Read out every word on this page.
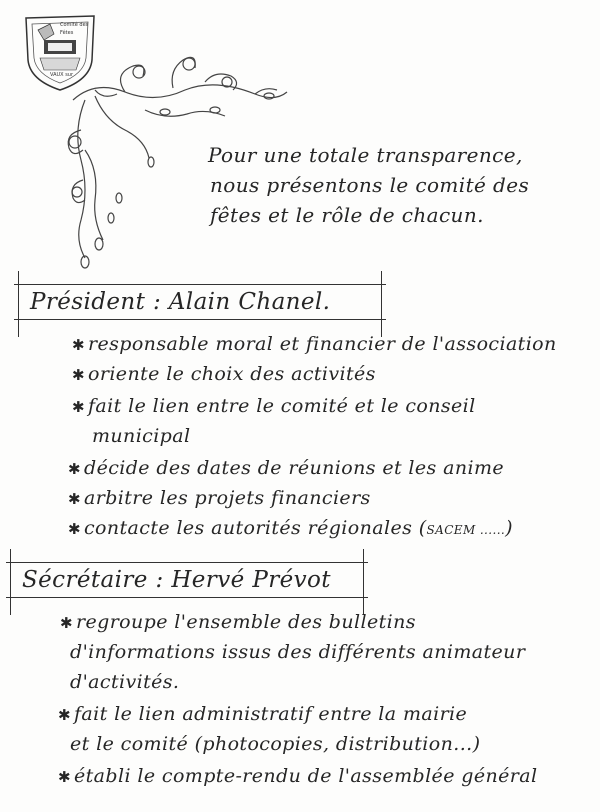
Comité des
Fêtes
VAUX sur
Pour une totale transparence,
nous présentons le comité des
fêtes et le rôle de chacun.
Président : Alain Chanel.
✱ responsable moral et financier de l'association
✱ oriente le choix des activités
✱ fait le lien entre le comité et le conseil
municipal
✱ décide des dates de réunions et les anime
✱ arbitre les projets financiers
✱ contacte les autorités régionales (SACEM ......)
Sécrétaire : Hervé Prévot
✱ regroupe l'ensemble des bulletins
d'informations issus des différents animateur
d'activités.
✱ fait le lien administratif entre la mairie
et le comité (photocopies, distribution...)
✱ établi le compte-rendu de l'assemblée général
